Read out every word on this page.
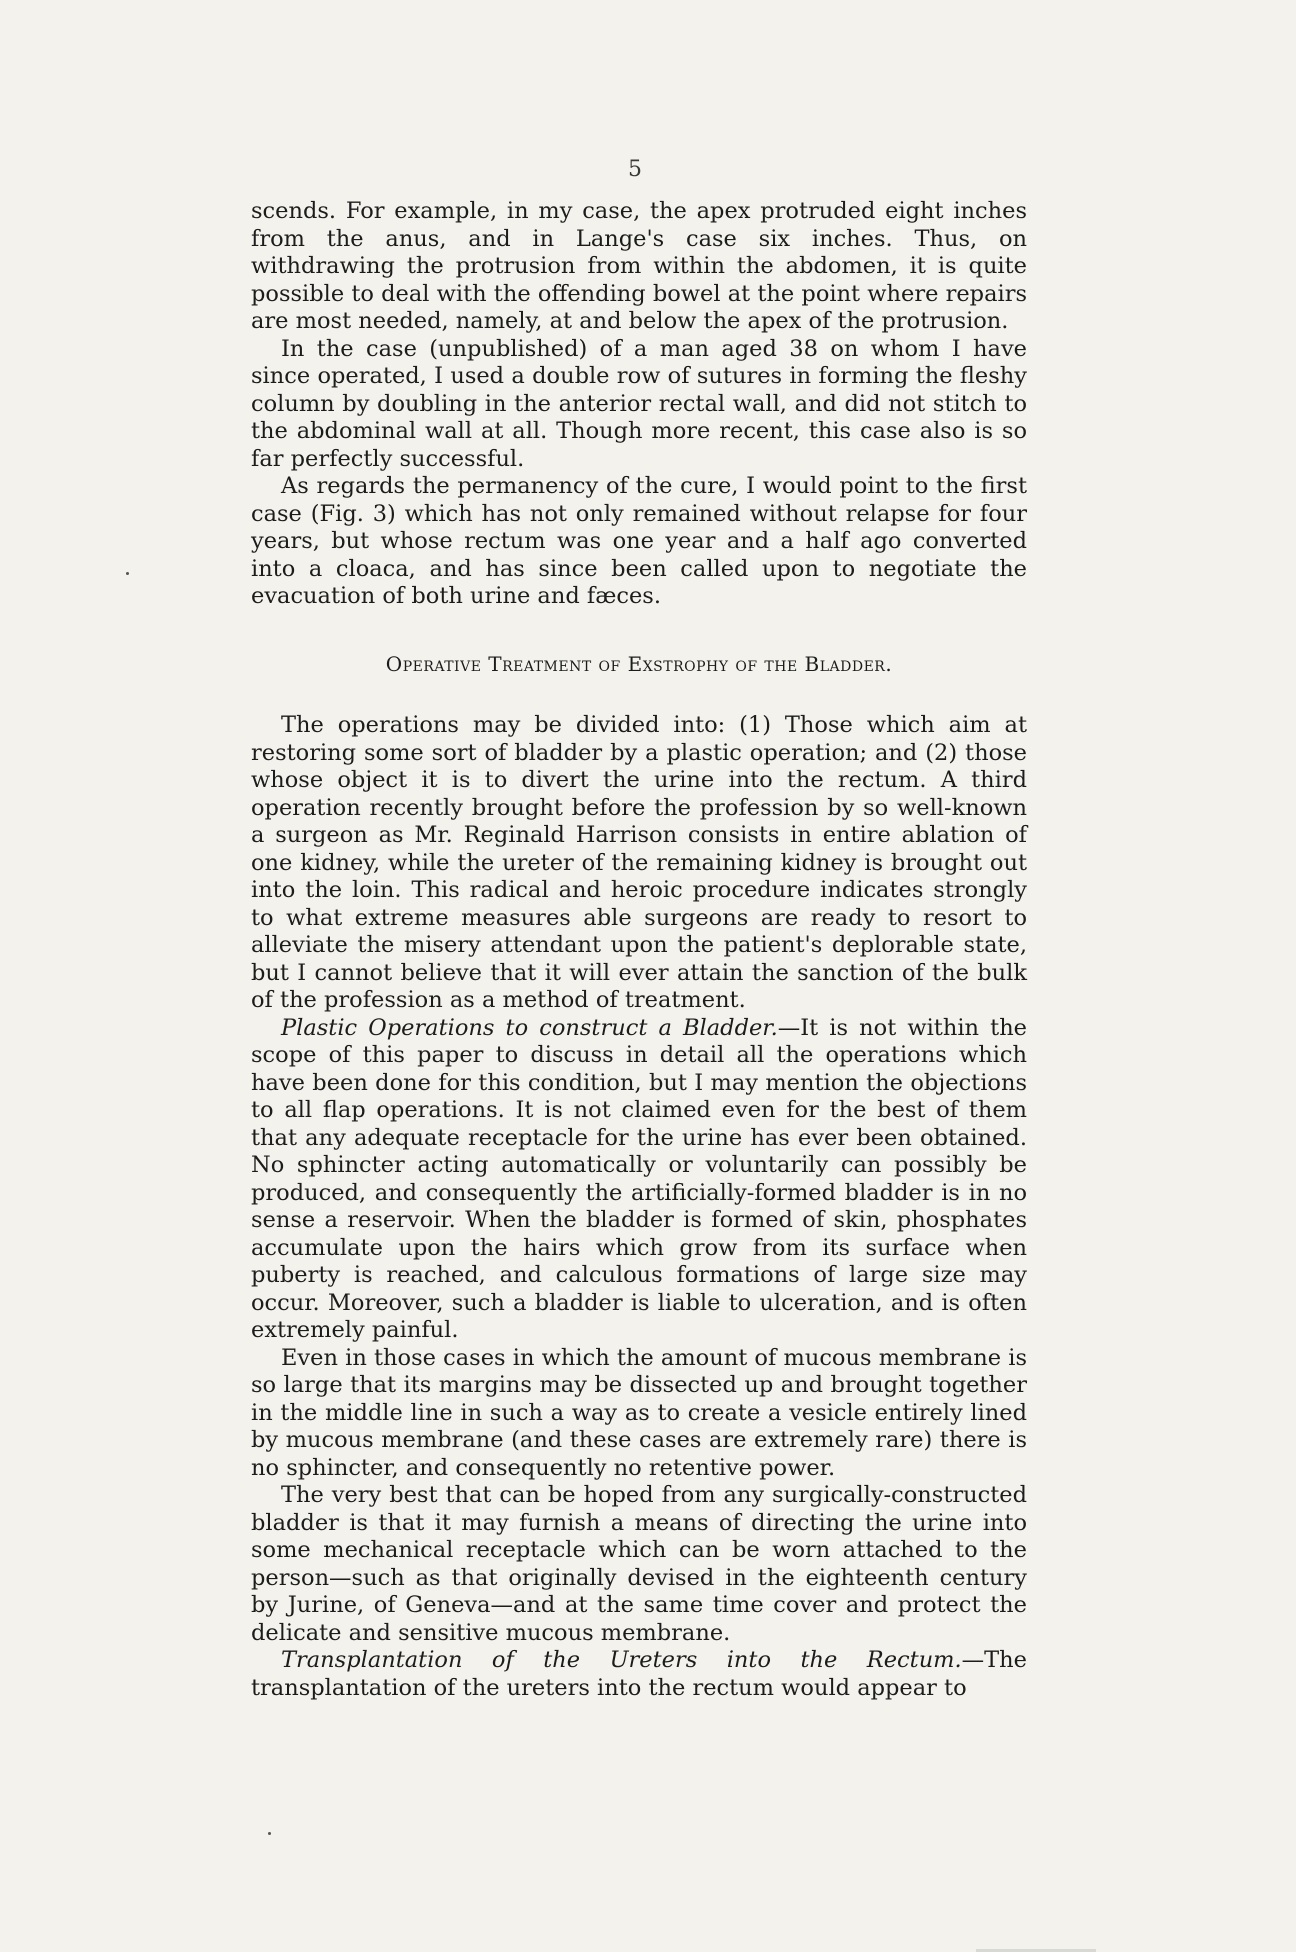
5

scends. For example, in my case, the apex protruded eight inches from the anus, and in Lange's case six inches. Thus, on withdrawing the protrusion from within the abdomen, it is quite possible to deal with the offending bowel at the point where repairs are most needed, namely, at and below the apex of the protrusion.

In the case (unpublished) of a man aged 38 on whom I have since operated, I used a double row of sutures in forming the fleshy column by doubling in the anterior rectal wall, and did not stitch to the abdominal wall at all. Though more recent, this case also is so far perfectly successful.

As regards the permanency of the cure, I would point to the first case (Fig. 3) which has not only remained without relapse for four years, but whose rectum was one year and a half ago converted into a cloaca, and has since been called upon to negotiate the evacuation of both urine and fæces.

Operative Treatment of Exstrophy of the Bladder.

The operations may be divided into: (1) Those which aim at restoring some sort of bladder by a plastic operation; and (2) those whose object it is to divert the urine into the rectum. A third operation recently brought before the profession by so well-known a surgeon as Mr. Reginald Harrison consists in entire ablation of one kidney, while the ureter of the remaining kidney is brought out into the loin. This radical and heroic procedure indicates strongly to what extreme measures able surgeons are ready to resort to alleviate the misery attendant upon the patient's deplorable state, but I cannot believe that it will ever attain the sanction of the bulk of the profession as a method of treatment.

Plastic Operations to construct a Bladder.—It is not within the scope of this paper to discuss in detail all the operations which have been done for this condition, but I may mention the objections to all flap operations. It is not claimed even for the best of them that any adequate receptacle for the urine has ever been obtained. No sphincter acting automatically or voluntarily can possibly be produced, and consequently the artificially-formed bladder is in no sense a reservoir. When the bladder is formed of skin, phosphates accumulate upon the hairs which grow from its surface when puberty is reached, and calculous formations of large size may occur. Moreover, such a bladder is liable to ulceration, and is often extremely painful.

Even in those cases in which the amount of mucous membrane is so large that its margins may be dissected up and brought together in the middle line in such a way as to create a vesicle entirely lined by mucous membrane (and these cases are extremely rare) there is no sphincter, and consequently no retentive power.

The very best that can be hoped from any surgically-constructed bladder is that it may furnish a means of directing the urine into some mechanical receptacle which can be worn attached to the person—such as that originally devised in the eighteenth century by Jurine, of Geneva—and at the same time cover and protect the delicate and sensitive mucous membrane.

Transplantation of the Ureters into the Rectum.—The transplantation of the ureters into the rectum would appear to
